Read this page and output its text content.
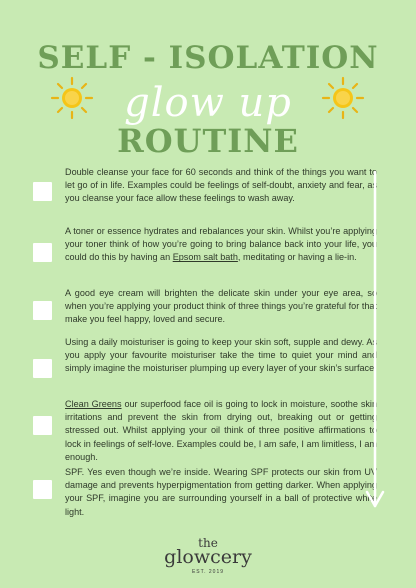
SELF - ISOLATION
glow up
ROUTINE
Double cleanse your face for 60 seconds and think of the things you want to let go of in life. Examples could be feelings of self-doubt, anxiety and fear, as you cleanse your face allow these feelings to wash away.
A toner or essence hydrates and rebalances your skin. Whilst you’re applying your toner think of how you’re going to bring balance back into your life, you could do this by having an Epsom salt bath, meditating or having a lie-in.
A good eye cream will brighten the delicate skin under your eye area, so when you’re applying your product think of three things you’re grateful for that make you feel happy, loved and secure.
Using a daily moisturiser is going to keep your skin soft, supple and dewy. As you apply your favourite moisturiser take the time to quiet your mind and simply imagine the moisturiser plumping up every layer of your skin’s surface.
Clean Greens our superfood face oil is going to lock in moisture, soothe skin irritations and prevent the skin from drying out, breaking out or getting stressed out. Whilst applying your oil think of three positive affirmations to lock in feelings of self-love. Examples could be, I am safe, I am limitless, I am enough.
SPF. Yes even though we’re inside. Wearing SPF protects our skin from UV damage and prevents hyperpigmentation from getting darker. When applying your SPF, imagine you are surrounding yourself in a ball of protective white light.
the
glowcery
EST. 2019
